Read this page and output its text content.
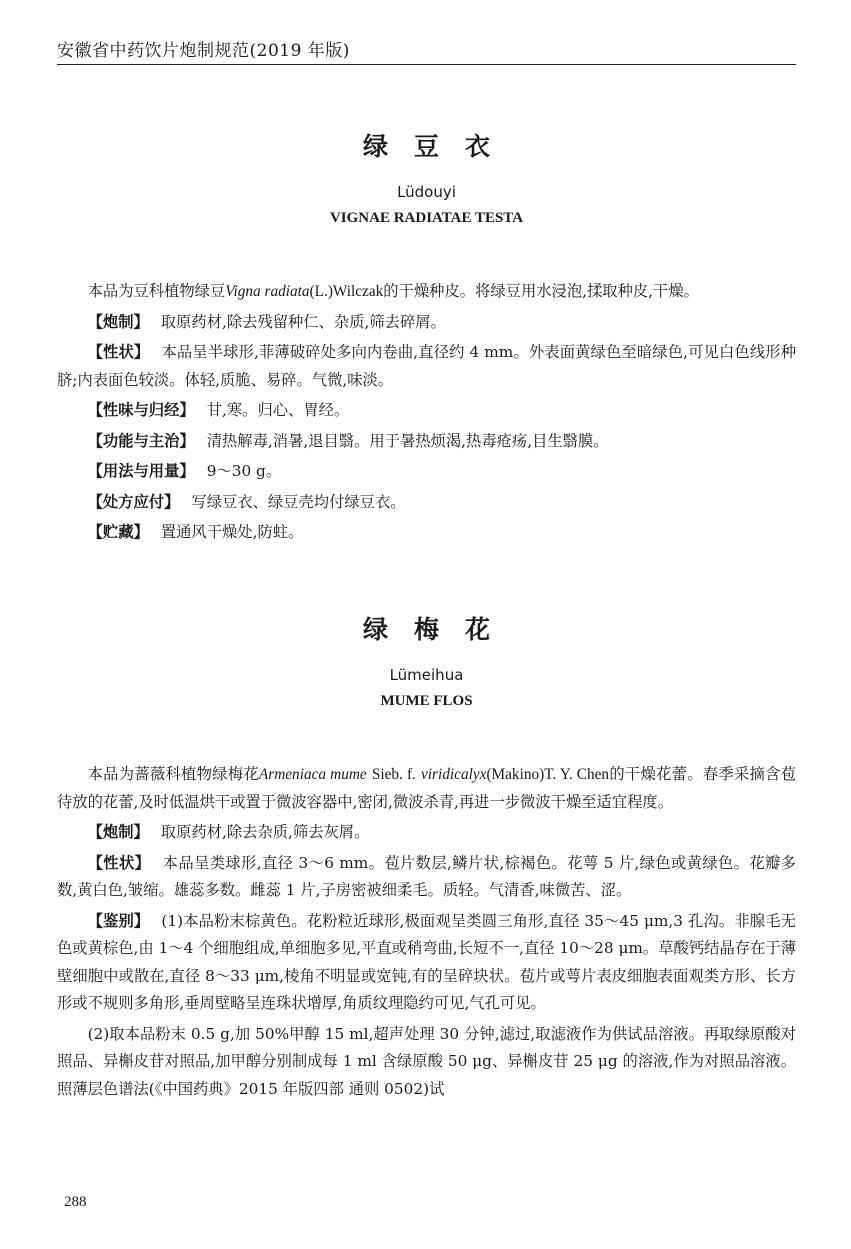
安徽省中药饮片炮制规范(2019 年版)
绿豆衣
Lüdouyi
VIGNAE RADIATAE TESTA

本品为豆科植物绿豆Vigna radiata(L.)Wilczak的干燥种皮。将绿豆用水浸泡,揉取种皮,干燥。

【炮制】 取原药材,除去残留种仁、杂质,筛去碎屑。

【性状】 本品呈半球形,菲薄破碎处多向内卷曲,直径约 4 mm。外表面黄绿色至暗绿色,可见白色线形种脐;内表面色较淡。体轻,质脆、易碎。气微,味淡。

【性味与归经】 甘,寒。归心、胃经。

【功能与主治】 清热解毒,消暑,退目翳。用于暑热烦渴,热毒疮疡,目生翳膜。

【用法与用量】 9～30 g。

【处方应付】 写绿豆衣、绿豆壳均付绿豆衣。

【贮藏】 置通风干燥处,防蛀。

绿梅花
Lümeihua
MUME FLOS

本品为蔷薇科植物绿梅花Armeniaca mume Sieb. f. viridicalyx(Makino)T. Y. Chen的干燥花蕾。春季采摘含苞待放的花蕾,及时低温烘干或置于微波容器中,密闭,微波杀青,再进一步微波干燥至适宜程度。

【炮制】 取原药材,除去杂质,筛去灰屑。

【性状】 本品呈类球形,直径 3～6 mm。苞片数层,鳞片状,棕褐色。花萼 5 片,绿色或黄绿色。花瓣多数,黄白色,皱缩。雄蕊多数。雌蕊 1 片,子房密被细柔毛。质轻。气清香,味微苦、涩。

【鉴别】 (1)本品粉末棕黄色。花粉粒近球形,极面观呈类圆三角形,直径 35～45 μm,3 孔沟。非腺毛无色或黄棕色,由 1～4 个细胞组成,单细胞多见,平直或稍弯曲,长短不一,直径 10～28 μm。草酸钙结晶存在于薄壁细胞中或散在,直径 8～33 μm,棱角不明显或宽钝,有的呈碎块状。苞片或萼片表皮细胞表面观类方形、长方形或不规则多角形,垂周壁略呈连珠状增厚,角质纹理隐约可见,气孔可见。

(2)取本品粉末 0.5 g,加 50%甲醇 15 ml,超声处理 30 分钟,滤过,取滤液作为供试品溶液。再取绿原酸对照品、异槲皮苷对照品,加甲醇分别制成每 1 ml 含绿原酸 50 μg、异槲皮苷 25 μg 的溶液,作为对照品溶液。照薄层色谱法(《中国药典》2015 年版四部 通则 0502)试

288
